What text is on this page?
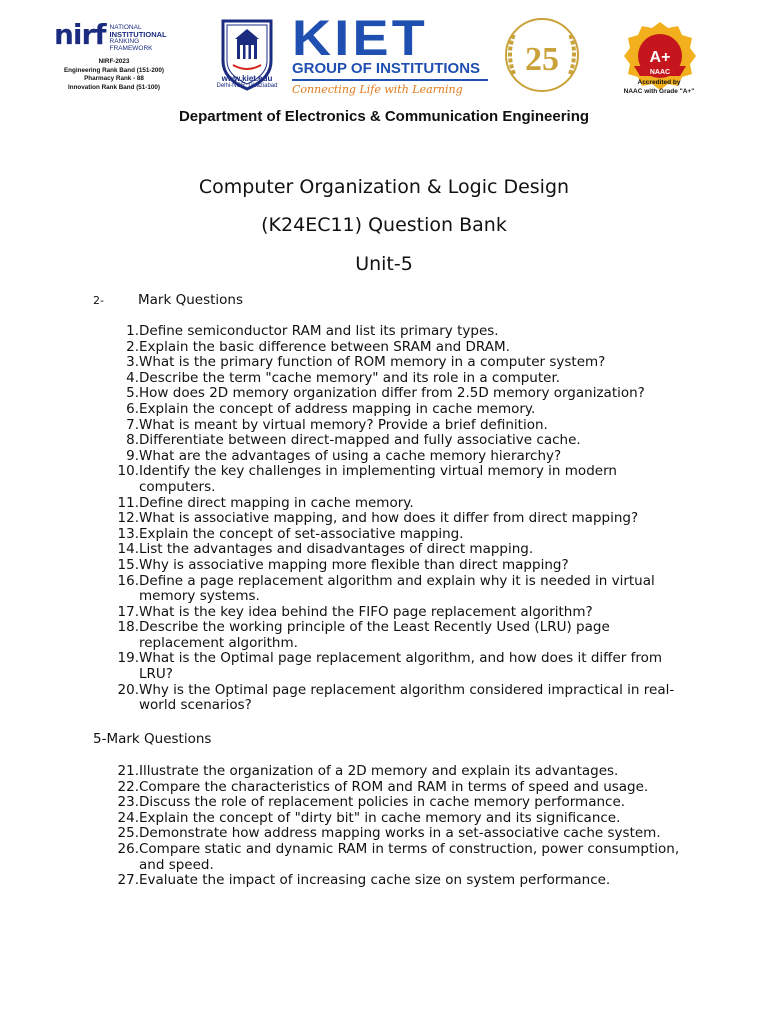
nirf NATIONAL
INSTITUTIONAL
RANKING
FRAMEWORK
NIRF-2023
Engineering Rank Band (151-200)
Pharmacy Rank - 88
Innovation Rank Band (51-100)
www.kiet.edu
Delhi-NCR, Ghaziabad
KIET
GROUP OF INSTITUTIONS
Connecting Life with Learning
25	A+
NAAC
Accredited by
NAAC with Grade "A+"
Department of Electronics & Communication Engineering
Computer Organization & Logic Design
(K24EC11) Question Bank
Unit-5
2-	Mark Questions
1. Define semiconductor RAM and list its primary types.
2. Explain the basic difference between SRAM and DRAM.
3. What is the primary function of ROM memory in a computer system?
4. Describe the term "cache memory" and its role in a computer.
5. How does 2D memory organization differ from 2.5D memory organization?
6. Explain the concept of address mapping in cache memory.
7. What is meant by virtual memory? Provide a brief definition.
8. Differentiate between direct-mapped and fully associative cache.
9. What are the advantages of using a cache memory hierarchy?
10. Identify the key challenges in implementing virtual memory in modern computers.
11. Define direct mapping in cache memory.
12. What is associative mapping, and how does it differ from direct mapping?
13. Explain the concept of set-associative mapping.
14. List the advantages and disadvantages of direct mapping.
15. Why is associative mapping more flexible than direct mapping?
16. Define a page replacement algorithm and explain why it is needed in virtual memory systems.
17. What is the key idea behind the FIFO page replacement algorithm?
18. Describe the working principle of the Least Recently Used (LRU) page replacement algorithm.
19. What is the Optimal page replacement algorithm, and how does it differ from LRU?
20. Why is the Optimal page replacement algorithm considered impractical in real-world scenarios?
5-Mark Questions
21. Illustrate the organization of a 2D memory and explain its advantages.
22. Compare the characteristics of ROM and RAM in terms of speed and usage.
23. Discuss the role of replacement policies in cache memory performance.
24. Explain the concept of "dirty bit" in cache memory and its significance.
25. Demonstrate how address mapping works in a set-associative cache system.
26. Compare static and dynamic RAM in terms of construction, power consumption, and speed.
27. Evaluate the impact of increasing cache size on system performance.
